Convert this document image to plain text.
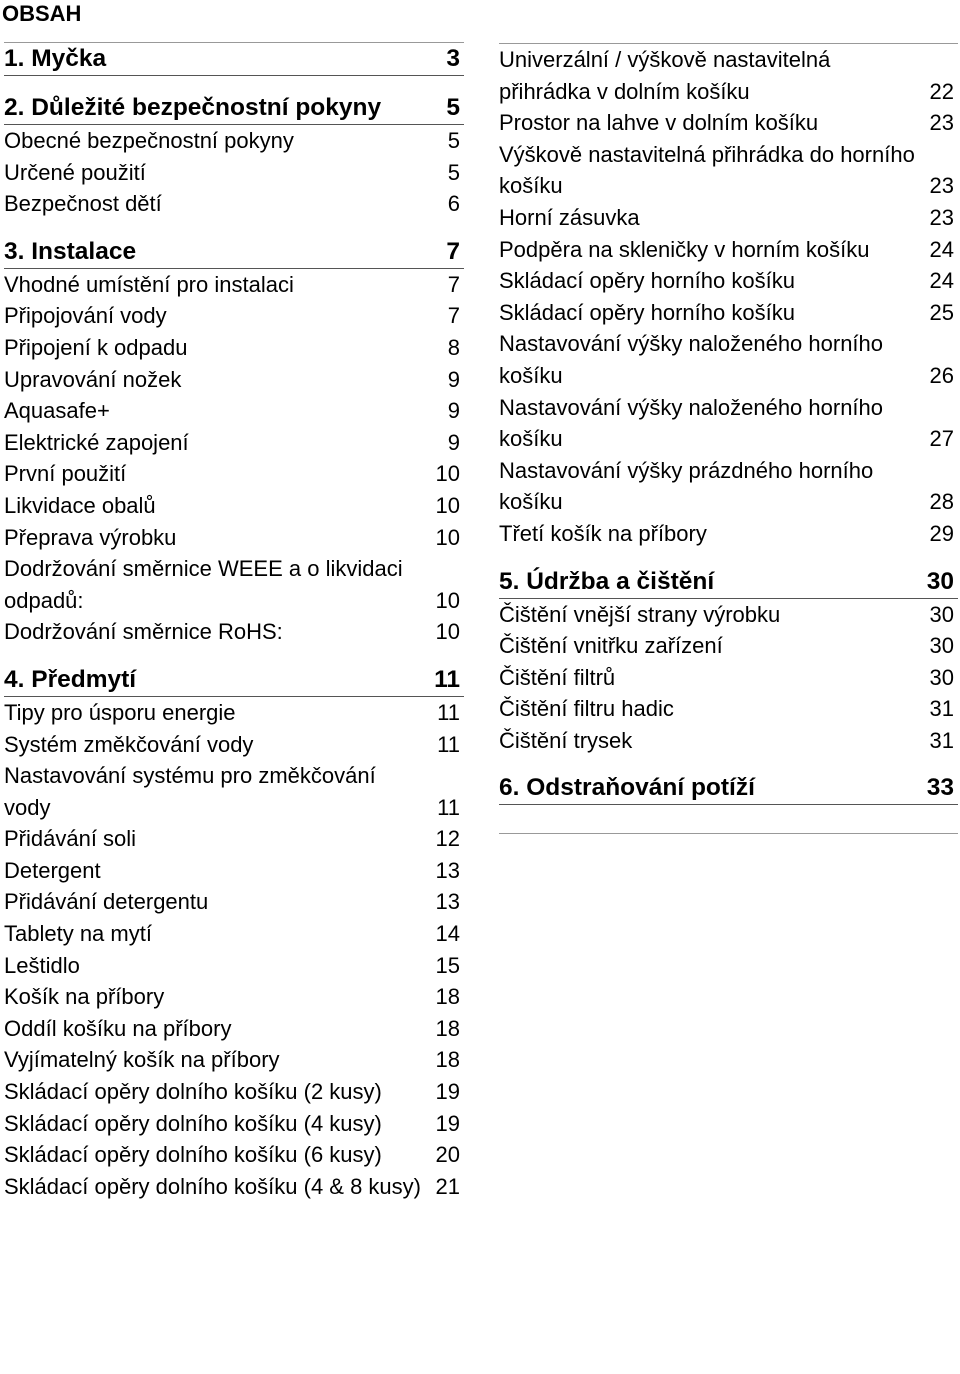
OBSAH
1. Myčka	3
2. Důležité bezpečnostní pokyny	5
Obecné bezpečnostní pokyny	5
Určené použití	5
Bezpečnost dětí	6
3. Instalace	7
Vhodné umístění pro instalaci	7
Připojování vody	7
Připojení k odpadu	8
Upravování nožek	9
Aquasafe+	9
Elektrické zapojení	9
První použití	10
Likvidace obalů	10
Přeprava výrobku	10
Dodržování směrnice WEEE a o likvidaci odpadů:	10
Dodržování směrnice RoHS:	10
4. Předmytí	11
Tipy pro úsporu energie	11
Systém změkčování vody	11
Nastavování systému pro změkčování vody	11
Přidávání soli	12
Detergent	13
Přidávání detergentu	13
Tablety na mytí	14
Leštidlo	15
Košík na příbory	18
Oddíl košíku na příbory	18
Vyjímatelný košík na příbory	18
Skládací opěry dolního košíku (2 kusy)	19
Skládací opěry dolního košíku (4 kusy)	19
Skládací opěry dolního košíku (6 kusy)	20
Skládací opěry dolního košíku (4 & 8 kusy) 21
Univerzální / výškově nastavitelná přihrádka v dolním košíku	22
Prostor na lahve v dolním košíku	23
Výškově nastavitelná přihrádka do horního košíku	23
Horní zásuvka	23
Podpěra na skleničky v horním košíku	24
Skládací opěry horního košíku	24
Skládací opěry horního košíku	25
Nastavování výšky naloženého horního košíku	26
Nastavování výšky naloženého horního košíku	27
Nastavování výšky prázdného horního košíku	28
Třetí košík na příbory	29
5. Údržba a čištění	30
Čištění vnější strany výrobku	30
Čištění vnitřku zařízení	30
Čištění filtrů	30
Čištění filtru hadic	31
Čištění trysek	31
6. Odstraňování potíží	33
